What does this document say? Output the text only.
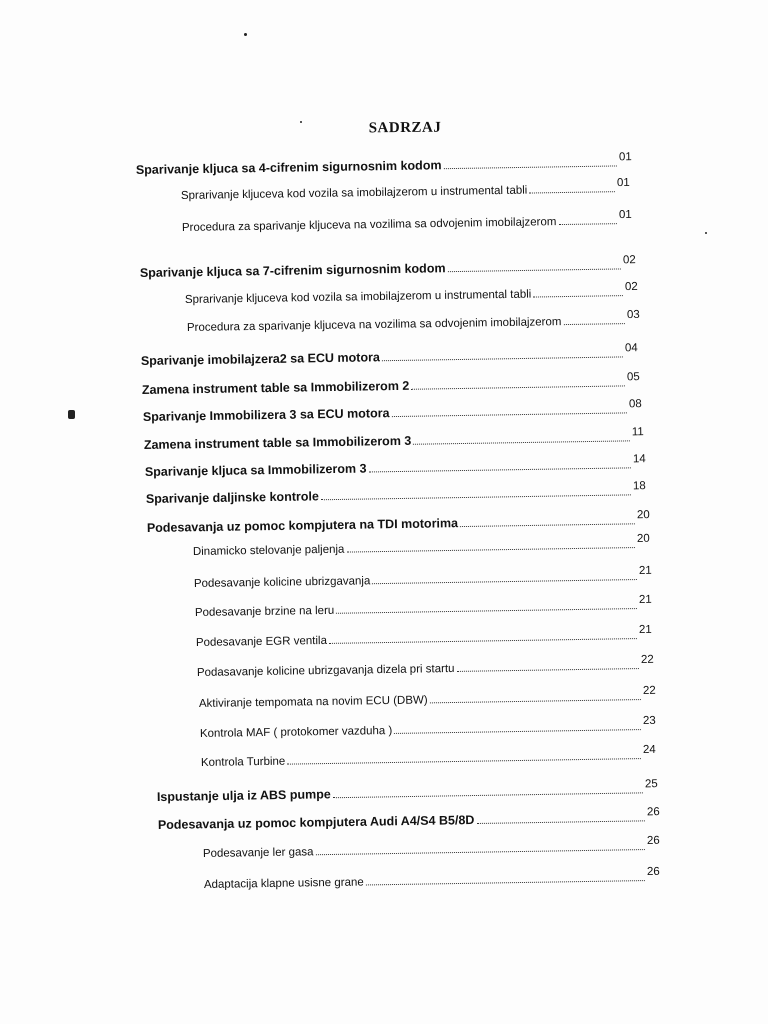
SADRZAJ
Sparivanje kljuca sa 4-cifrenim sigurnosnim kodom
01
Sprarivanje kljuceva kod vozila sa imobilajzerom u instrumental tabli
01
Procedura za sparivanje kljuceva na vozilima sa odvojenim imobilajzerom
01
Sparivanje kljuca sa 7-cifrenim sigurnosnim kodom
02
Sprarivanje kljuceva kod vozila sa imobilajzerom u instrumental tabli
02
Procedura za sparivanje kljuceva na vozilima sa odvojenim imobilajzerom
03
Sparivanje imobilajzera2 sa ECU motora
04
Zamena instrument table sa Immobilizerom 2
05
Sparivanje Immobilizera 3 sa ECU motora
08
Zamena instrument table sa Immobilizerom 3
11
Sparivanje kljuca sa Immobilizerom 3
14
Sparivanje daljinske kontrole
18
Podesavanja uz pomoc kompjutera na TDI motorima
20
Dinamicko stelovanje paljenja
20
Podesavanje kolicine ubrizgavanja
21
Podesavanje brzine na leru
21
Podesavanje EGR ventila
21
Podasavanje kolicine ubrizgavanja dizela pri startu
22
Aktiviranje tempomata na novim ECU (DBW)
22
Kontrola MAF ( protokomer vazduha )
23
Kontrola Turbine
24
Ispustanje ulja iz ABS pumpe
25
Podesavanja uz pomoc kompjutera Audi A4/S4 B5/8D
26
Podesavanje ler gasa
26
Adaptacija klapne usisne grane
26
